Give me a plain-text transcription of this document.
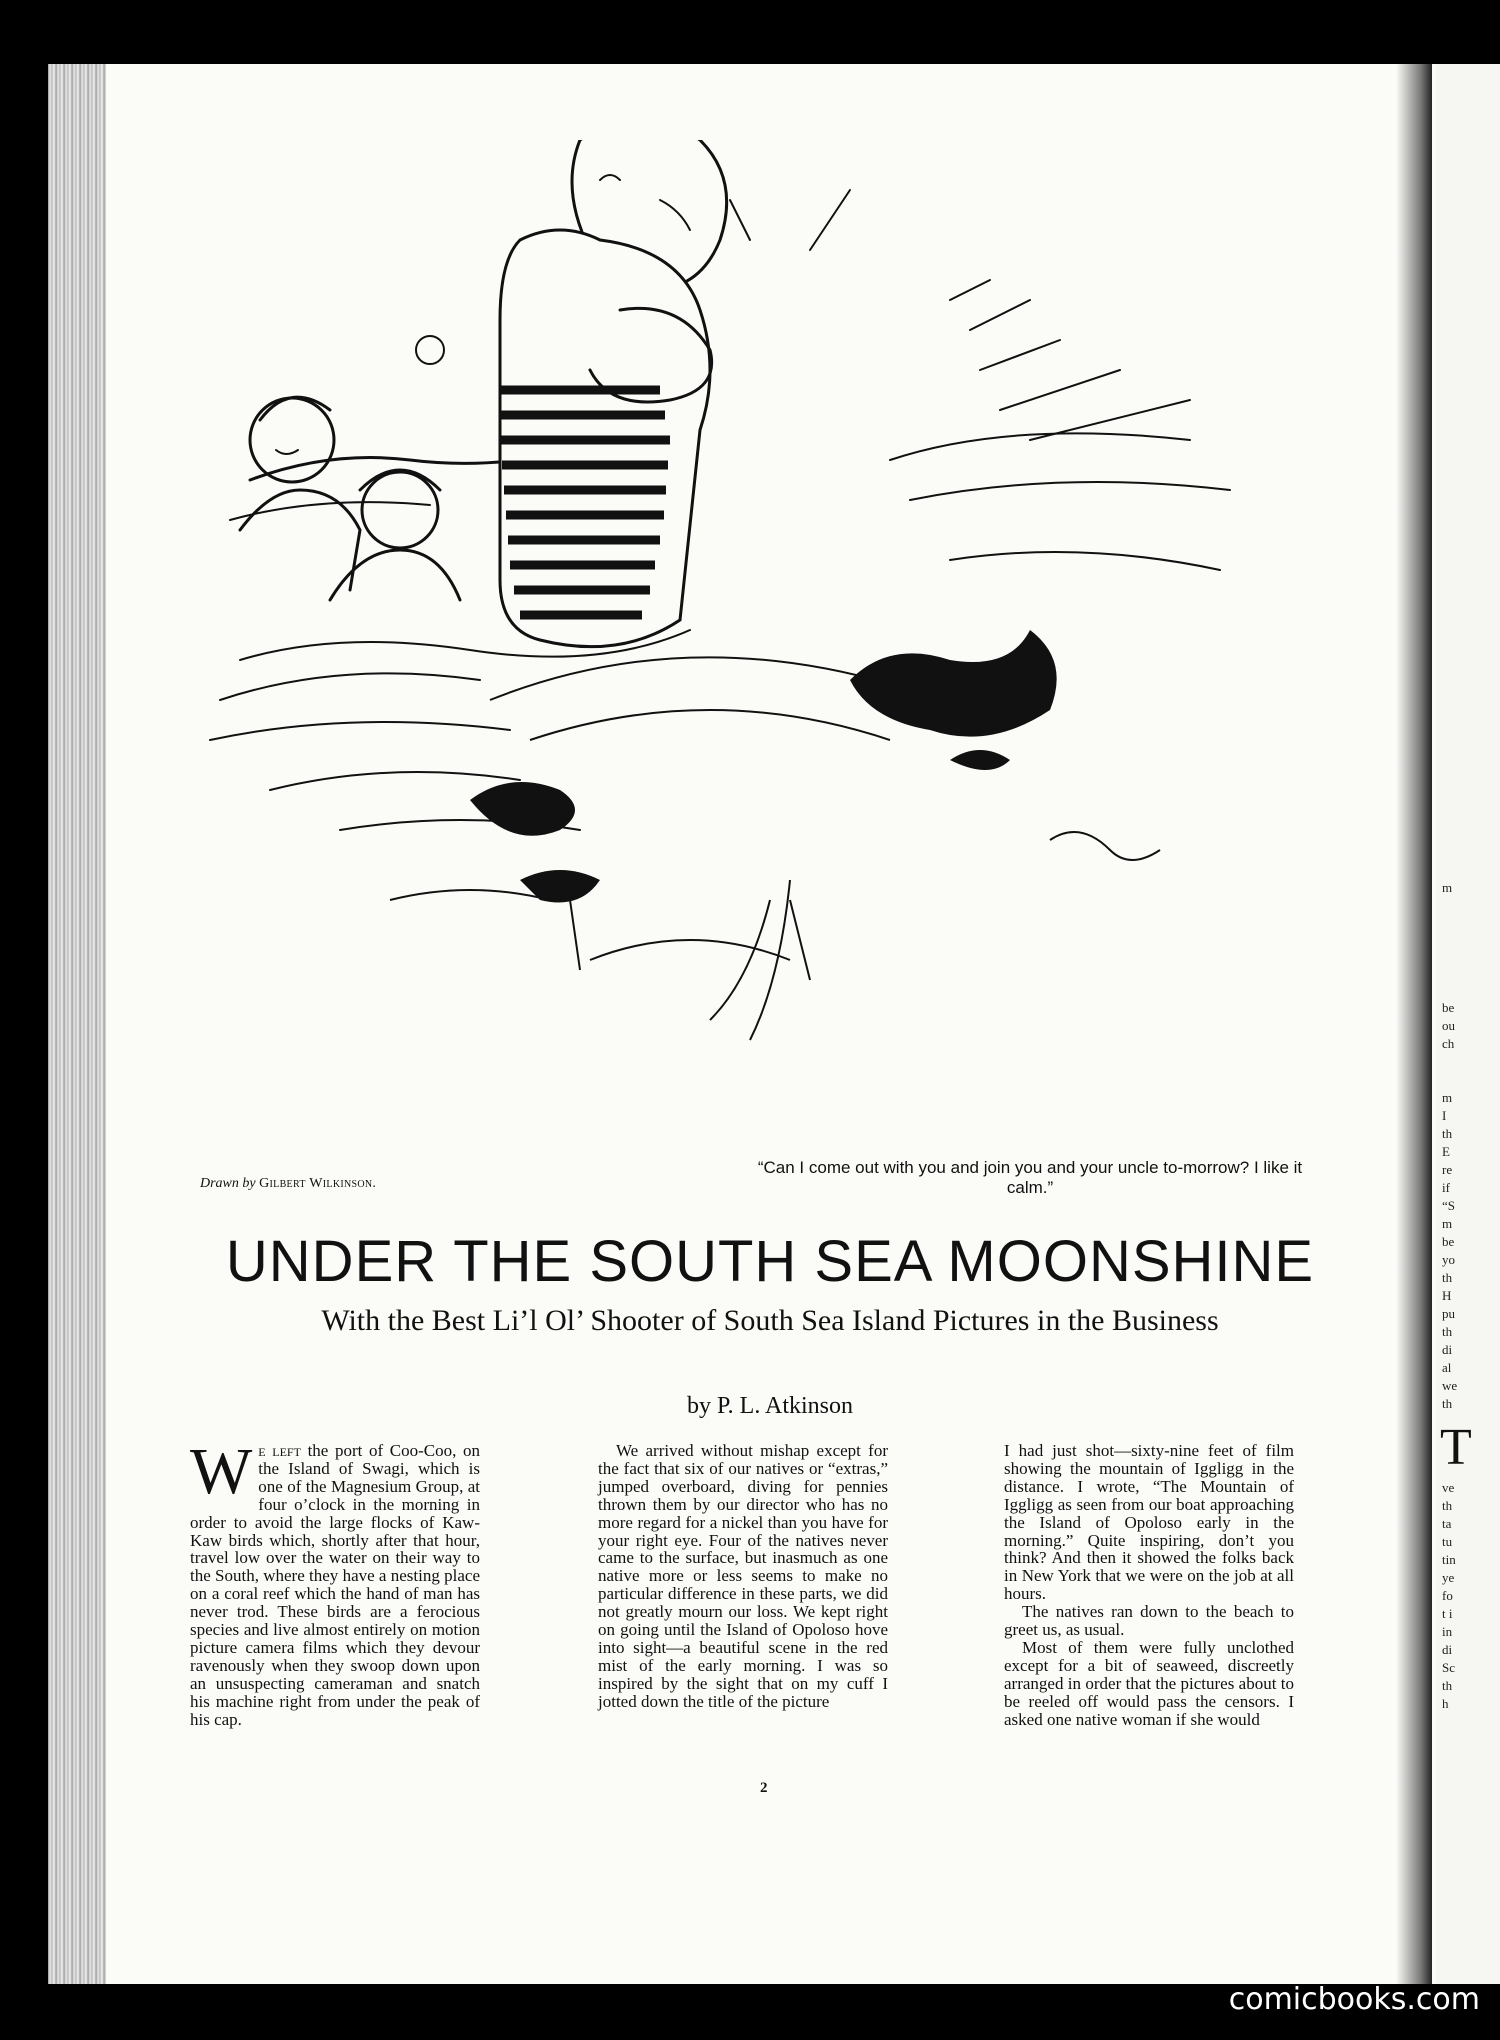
m
be
ou
ch
m
I
th
E
re
if
“S
m
be
yo
th
H
pu
th
di
al
we
th
ve
th
ta
tu
tin
ye
fo
t i
in
di
Sc
th
h
T
Drawn by Gilbert Wilkinson.
“Can I come out with you and join you and your uncle to-morrow? I like it calm.”
UNDER THE SOUTH SEA MOONSHINE
With the Best Li’l Ol’ Shooter of South Sea Island Pictures in the Business
by P. L. Atkinson

We left the port of Coo-Coo, on the Island of Swagi, which is one of the Magnesium Group, at four o’clock in the morning in order to avoid the large flocks of Kaw-Kaw birds which, shortly after that hour, travel low over the water on their way to the South, where they have a nesting place on a coral reef which the hand of man has never trod. These birds are a ferocious species and live almost entirely on motion picture camera films which they devour ravenously when they swoop down upon an unsuspecting cameraman and snatch his machine right from under the peak of his cap.

We arrived without mishap except for the fact that six of our natives or “extras,” jumped overboard, diving for pennies thrown them by our director who has no more regard for a nickel than you have for your right eye. Four of the natives never came to the surface, but inasmuch as one native more or less seems to make no particular difference in these parts, we did not greatly mourn our loss. We kept right on going until the Island of Opoloso hove into sight—a beautiful scene in the red mist of the early morning. I was so inspired by the sight that on my cuff I jotted down the title of the picture

I had just shot—sixty-nine feet of film showing the mountain of Iggligg in the distance. I wrote, “The Mountain of Iggligg as seen from our boat approaching the Island of Opoloso early in the morning.” Quite inspiring, don’t you think? And then it showed the folks back in New York that we were on the job at all hours.

The natives ran down to the beach to greet us, as usual.

Most of them were fully unclothed except for a bit of seaweed, discreetly arranged in order that the pictures about to be reeled off would pass the censors. I asked one native woman if she would

2
comicbooks.com
